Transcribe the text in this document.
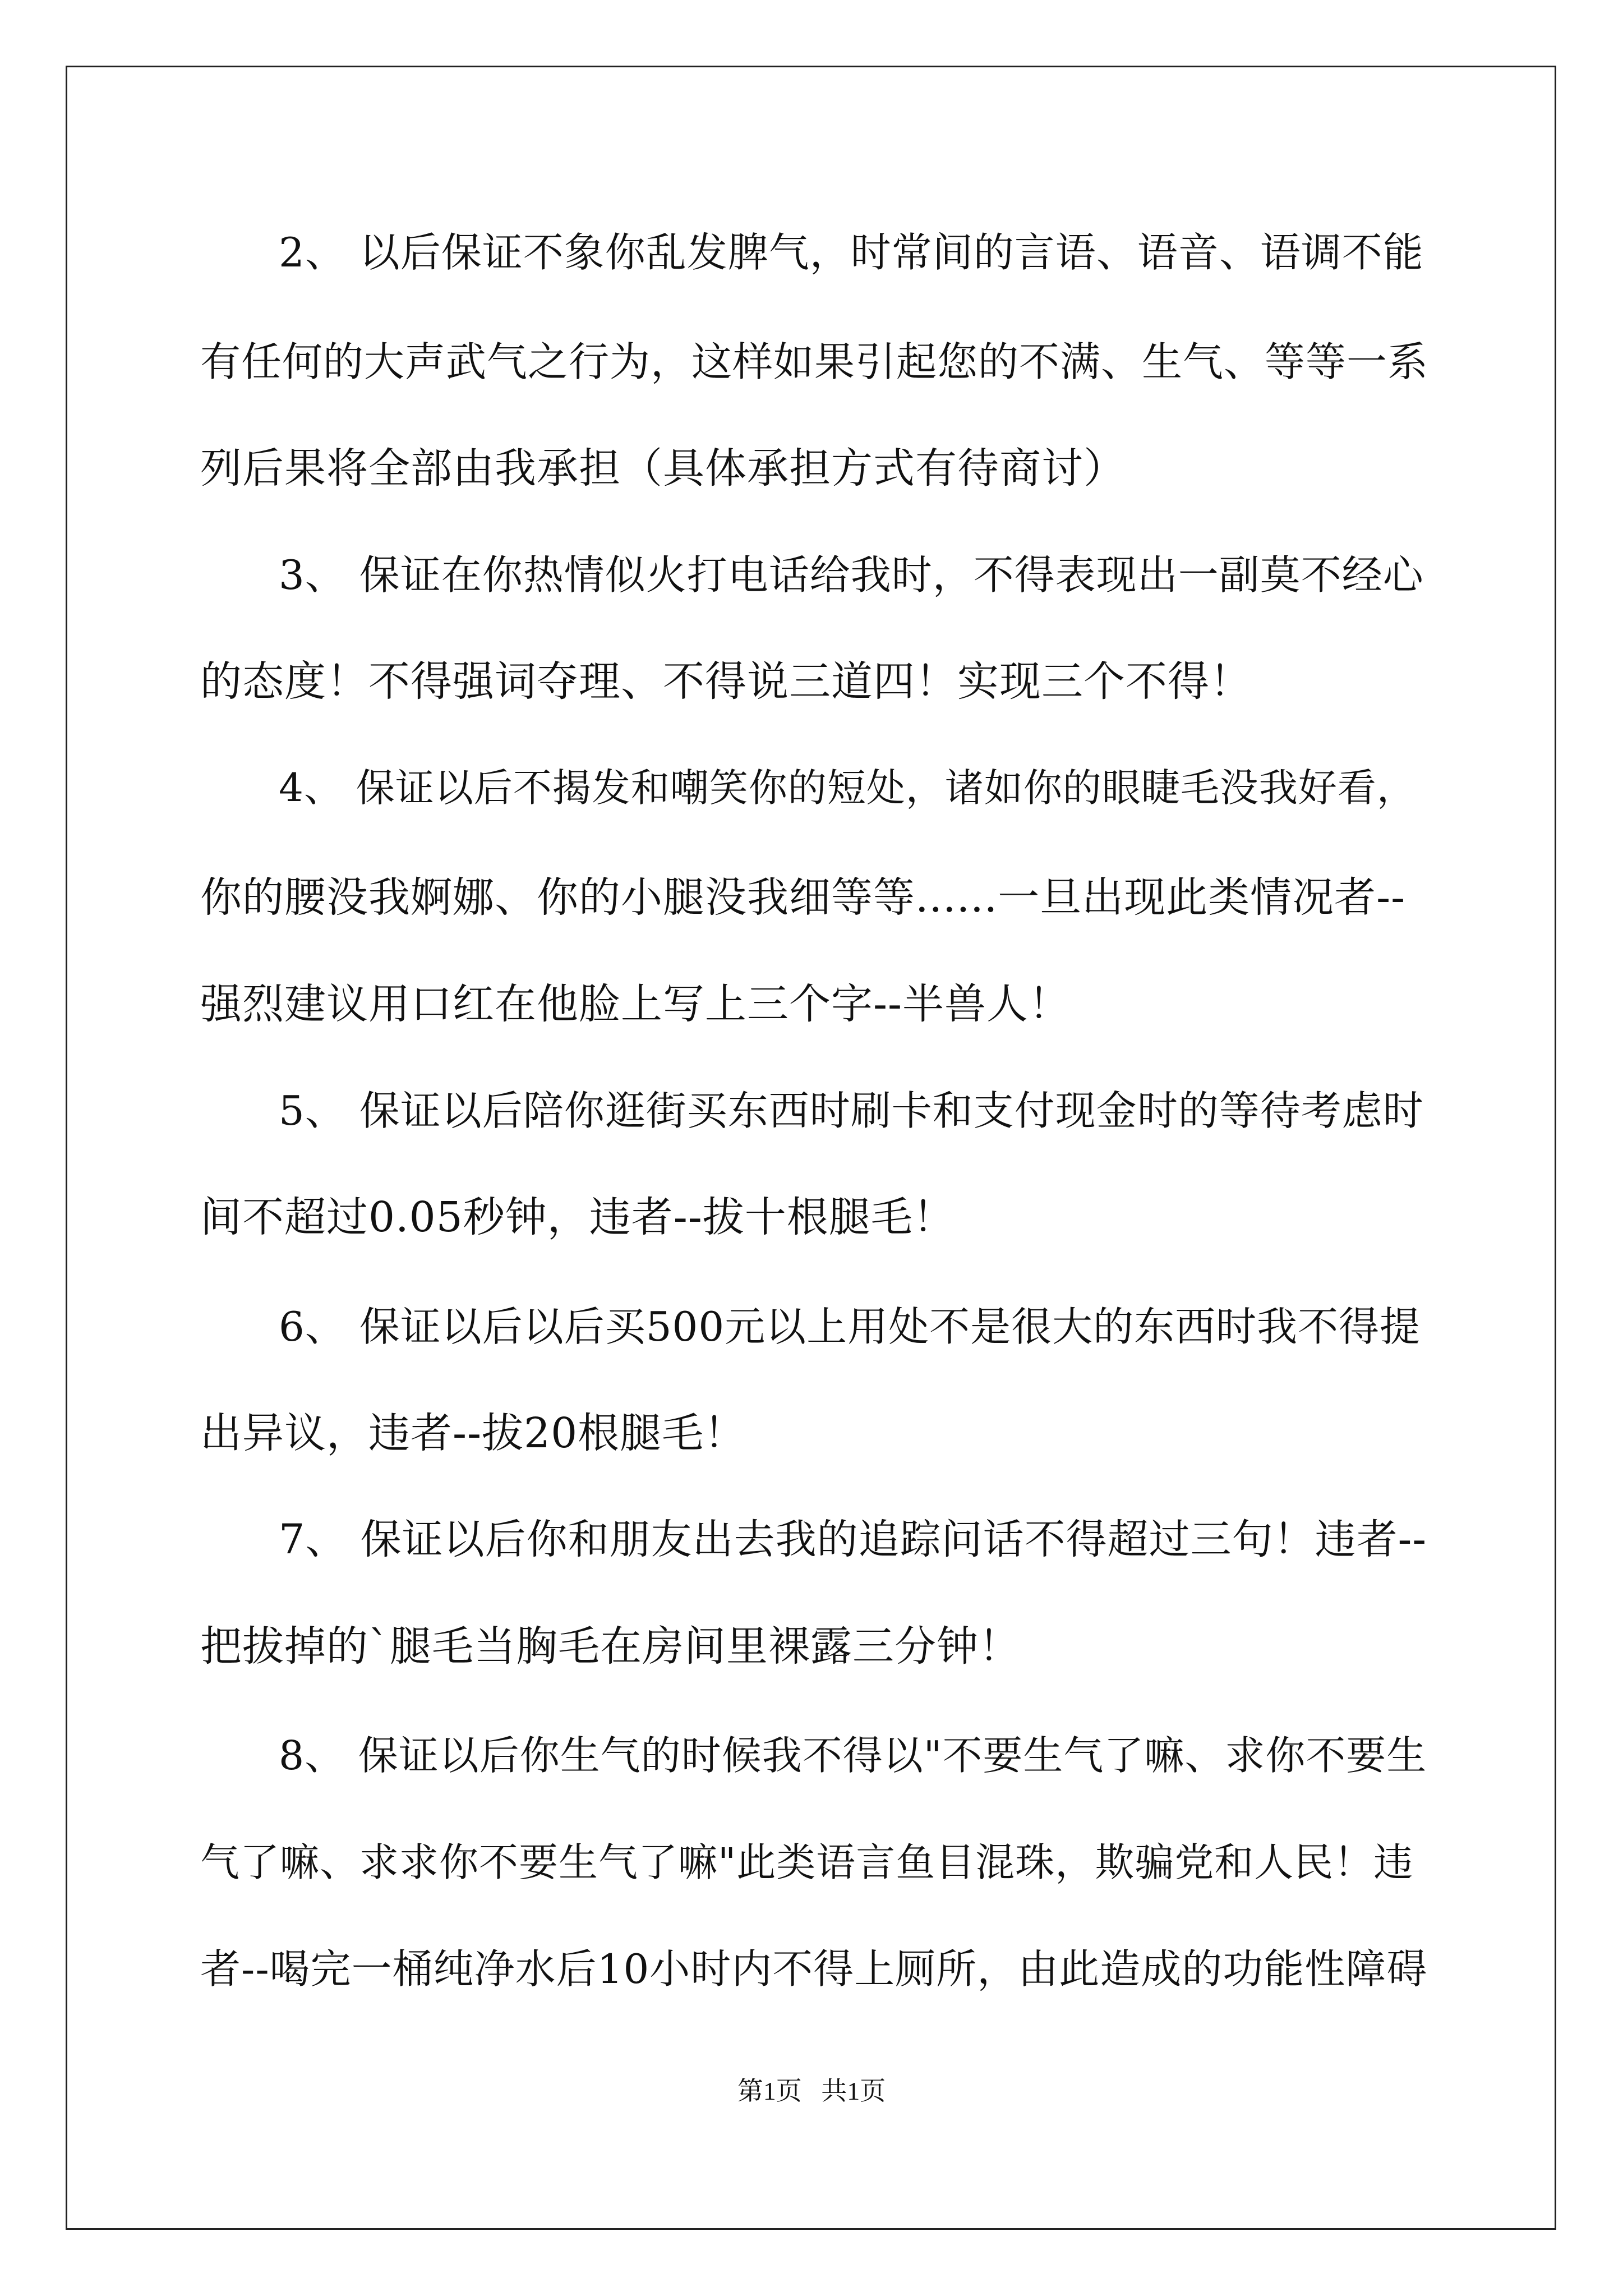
2、 以后保证不象你乱发脾气，时常间的言语、语音、语调不能
有任何的大声武气之行为，这样如果引起您的不满、生气、等等一系
列后果将全部由我承担（具体承担方式有待商讨）
3、 保证在你热情似火打电话给我时，不得表现出一副莫不经心
的态度！不得强词夺理、不得说三道四！实现三个不得！
4、 保证以后不揭发和嘲笑你的短处，诸如你的眼睫毛没我好看，
你的腰没我婀娜、你的小腿没我细等等......一旦出现此类情况者--
强烈建议用口红在他脸上写上三个字--半兽人！
5、 保证以后陪你逛街买东西时刷卡和支付现金时的等待考虑时
间不超过0.05秒钟，违者--拔十根腿毛！
6、 保证以后以后买500元以上用处不是很大的东西时我不得提
出异议，违者--拔20根腿毛！
7、 保证以后你和朋友出去我的追踪问话不得超过三句！违者--
把拔掉的`腿毛当胸毛在房间里裸露三分钟！
8、 保证以后你生气的时候我不得以"不要生气了嘛、求你不要生
气了嘛、求求你不要生气了嘛"此类语言鱼目混珠，欺骗党和人民！违
者--喝完一桶纯净水后10小时内不得上厕所，由此造成的功能性障碍
第1页   共1页
